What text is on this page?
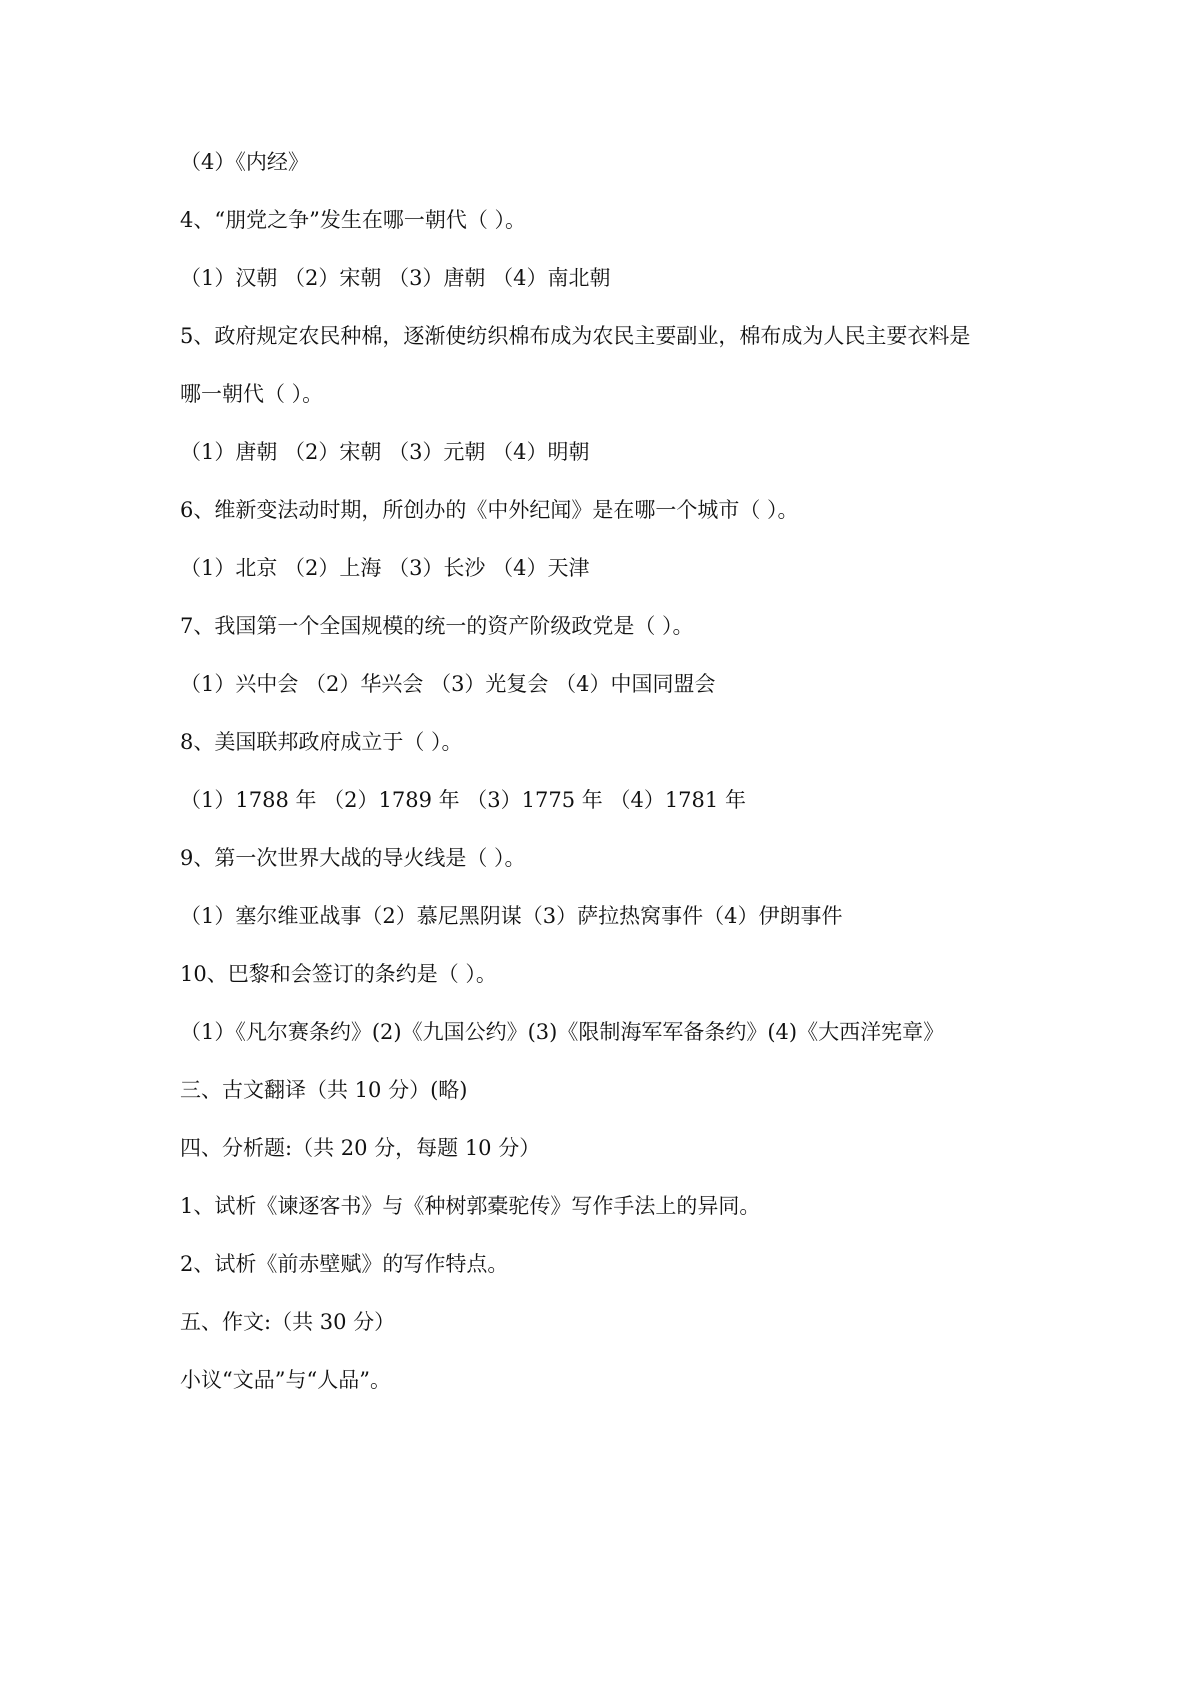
（4）《内经》
4、“朋党之争”发生在哪一朝代（ ）。
（1）汉朝 （2）宋朝 （3）唐朝 （4）南北朝
5、政府规定农民种棉，逐渐使纺织棉布成为农民主要副业，棉布成为人民主要衣料是
哪一朝代（ ）。
（1）唐朝 （2）宋朝 （3）元朝 （4）明朝
6、维新变法动时期，所创办的《中外纪闻》是在哪一个城市（ ）。
（1）北京 （2）上海 （3）长沙 （4）天津
7、我国第一个全国规模的统一的资产阶级政党是（ ）。
（1）兴中会 （2）华兴会 （3）光复会 （4）中国同盟会
8、美国联邦政府成立于（ ）。
（1）1788 年 （2）1789 年 （3）1775 年 （4）1781 年
9、第一次世界大战的导火线是（ ）。
（1）塞尔维亚战事（2）慕尼黑阴谋（3）萨拉热窝事件（4）伊朗事件
10、巴黎和会签订的条约是（ ）。
（1）《凡尔赛条约》(2)《九国公约》(3)《限制海军军备条约》(4)《大西洋宪章》
三、古文翻译（共 10 分）(略)
四、分析题:（共 20 分，每题 10 分）
1、试析《谏逐客书》与《种树郭橐驼传》写作手法上的异同。
2、试析《前赤壁赋》的写作特点。
五、作文:（共 30 分）
小议“文品”与“人品”。
